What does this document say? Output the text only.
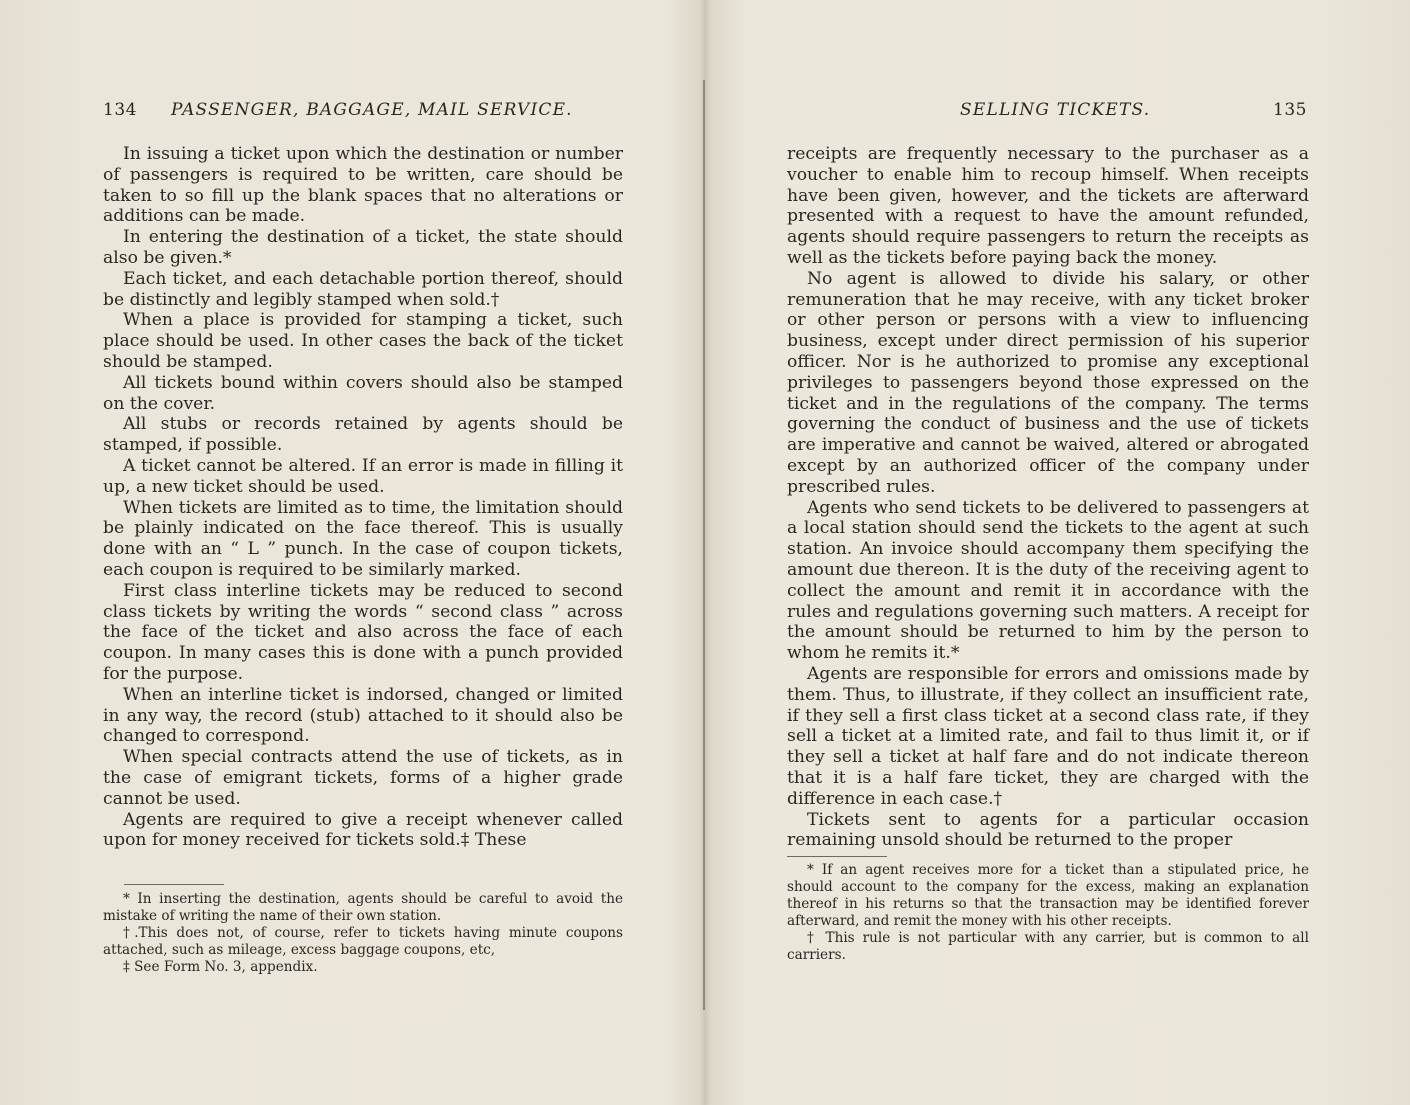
134 PASSENGER, BAGGAGE, MAIL SERVICE.

In issuing a ticket upon which the destination or number of passengers is required to be written, care should be taken to so fill up the blank spaces that no alterations or additions can be made.

In entering the destination of a ticket, the state should also be given.*

Each ticket, and each detachable portion thereof, should be distinctly and legibly stamped when sold.†

When a place is provided for stamping a ticket, such place should be used. In other cases the back of the ticket should be stamped.

All tickets bound within covers should also be stamped on the cover.

All stubs or records retained by agents should be stamped, if possible.

A ticket cannot be altered. If an error is made in filling it up, a new ticket should be used.

When tickets are limited as to time, the limitation should be plainly indicated on the face thereof. This is usually done with an “ L ” punch. In the case of coupon tickets, each coupon is required to be similarly marked.

First class interline tickets may be reduced to second class tickets by writing the words “ second class ” across the face of the ticket and also across the face of each coupon. In many cases this is done with a punch provided for the purpose.

When an interline ticket is indorsed, changed or limited in any way, the record (stub) attached to it should also be changed to correspond.

When special contracts attend the use of tickets, as in the case of emigrant tickets, forms of a higher grade cannot be used.

Agents are required to give a receipt whenever called upon for money received for tickets sold.‡ These

* In inserting the destination, agents should be careful to avoid the mistake of writing the name of their own station.

†.This does not, of course, refer to tickets having minute coupons attached, such as mileage, excess baggage coupons, etc,

‡ See Form No. 3, appendix.

SELLING TICKETS.	135

receipts are frequently necessary to the purchaser as a voucher to enable him to recoup himself. When receipts have been given, however, and the tickets are afterward presented with a request to have the amount refunded, agents should require passengers to return the receipts as well as the tickets before paying back the money.

No agent is allowed to divide his salary, or other remuneration that he may receive, with any ticket broker or other person or persons with a view to influencing business, except under direct permission of his superior officer. Nor is he authorized to promise any exceptional privileges to passengers beyond those expressed on the ticket and in the regulations of the company. The terms governing the conduct of business and the use of tickets are imperative and cannot be waived, altered or abrogated except by an authorized officer of the company under prescribed rules.

Agents who send tickets to be delivered to passengers at a local station should send the tickets to the agent at such station. An invoice should accompany them specifying the amount due thereon. It is the duty of the receiving agent to collect the amount and remit it in accordance with the rules and regulations governing such matters. A receipt for the amount should be returned to him by the person to whom he remits it.*

Agents are responsible for errors and omissions made by them. Thus, to illustrate, if they collect an insufficient rate, if they sell a first class ticket at a second class rate, if they sell a ticket at a limited rate, and fail to thus limit it, or if they sell a ticket at half fare and do not indicate thereon that it is a half fare ticket, they are charged with the difference in each case.†

Tickets sent to agents for a particular occasion remaining unsold should be returned to the proper

* If an agent receives more for a ticket than a stipulated price, he should account to the company for the excess, making an explanation thereof in his returns so that the transaction may be identified forever afterward, and remit the money with his other receipts.

† This rule is not particular with any carrier, but is common to all carriers.
